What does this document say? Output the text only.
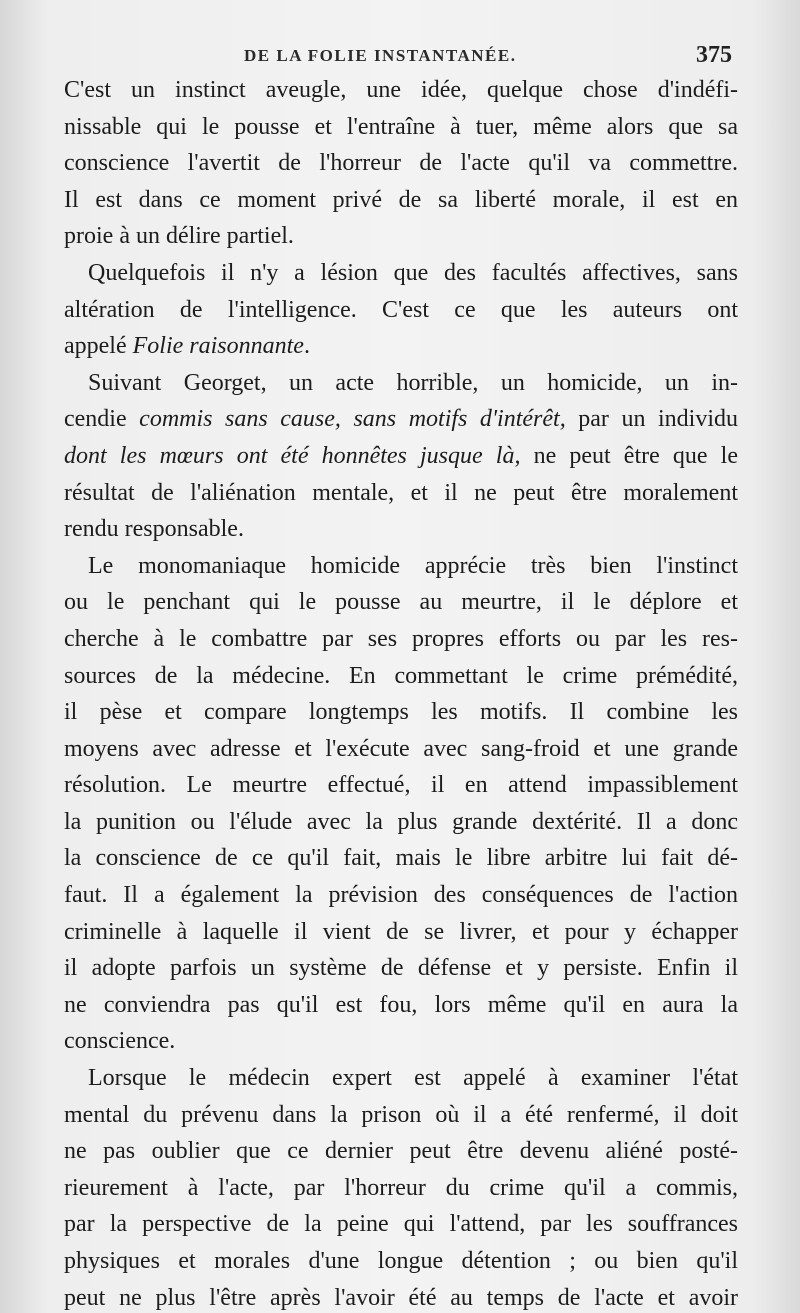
DE LA FOLIE INSTANTANÉE.	375
C'est un instinct aveugle, une idée, quelque chose d'indéfi-
nissable qui le pousse et l'entraîne à tuer, même alors que sa
conscience l'avertit de l'horreur de l'acte qu'il va commettre.
Il est dans ce moment privé de sa liberté morale, il est en
proie à un délire partiel.
Quelquefois il n'y a lésion que des facultés affectives, sans
altération de l'intelligence. C'est ce que les auteurs ont
appelé Folie raisonnante.
Suivant Georget, un acte horrible, un homicide, un in-
cendie commis sans cause, sans motifs d'intérêt, par un individu
dont les mœurs ont été honnêtes jusque là, ne peut être que le
résultat de l'aliénation mentale, et il ne peut être moralement
rendu responsable.
Le monomaniaque homicide apprécie très bien l'instinct
ou le penchant qui le pousse au meurtre, il le déplore et
cherche à le combattre par ses propres efforts ou par les res-
sources de la médecine. En commettant le crime prémédité,
il pèse et compare longtemps les motifs. Il combine les
moyens avec adresse et l'exécute avec sang-froid et une grande
résolution. Le meurtre effectué, il en attend impassiblement
la punition ou l'élude avec la plus grande dextérité. Il a donc
la conscience de ce qu'il fait, mais le libre arbitre lui fait dé-
faut. Il a également la prévision des conséquences de l'action
criminelle à laquelle il vient de se livrer, et pour y échapper
il adopte parfois un système de défense et y persiste. Enfin il
ne conviendra pas qu'il est fou, lors même qu'il en aura la
conscience.
Lorsque le médecin expert est appelé à examiner l'état
mental du prévenu dans la prison où il a été renfermé, il doit
ne pas oublier que ce dernier peut être devenu aliéné posté-
rieurement à l'acte, par l'horreur du crime qu'il a commis,
par la perspective de la peine qui l'attend, par les souffrances
physiques et morales d'une longue détention ; ou bien qu'il
peut ne plus l'être après l'avoir été au temps de l'acte et avoir
